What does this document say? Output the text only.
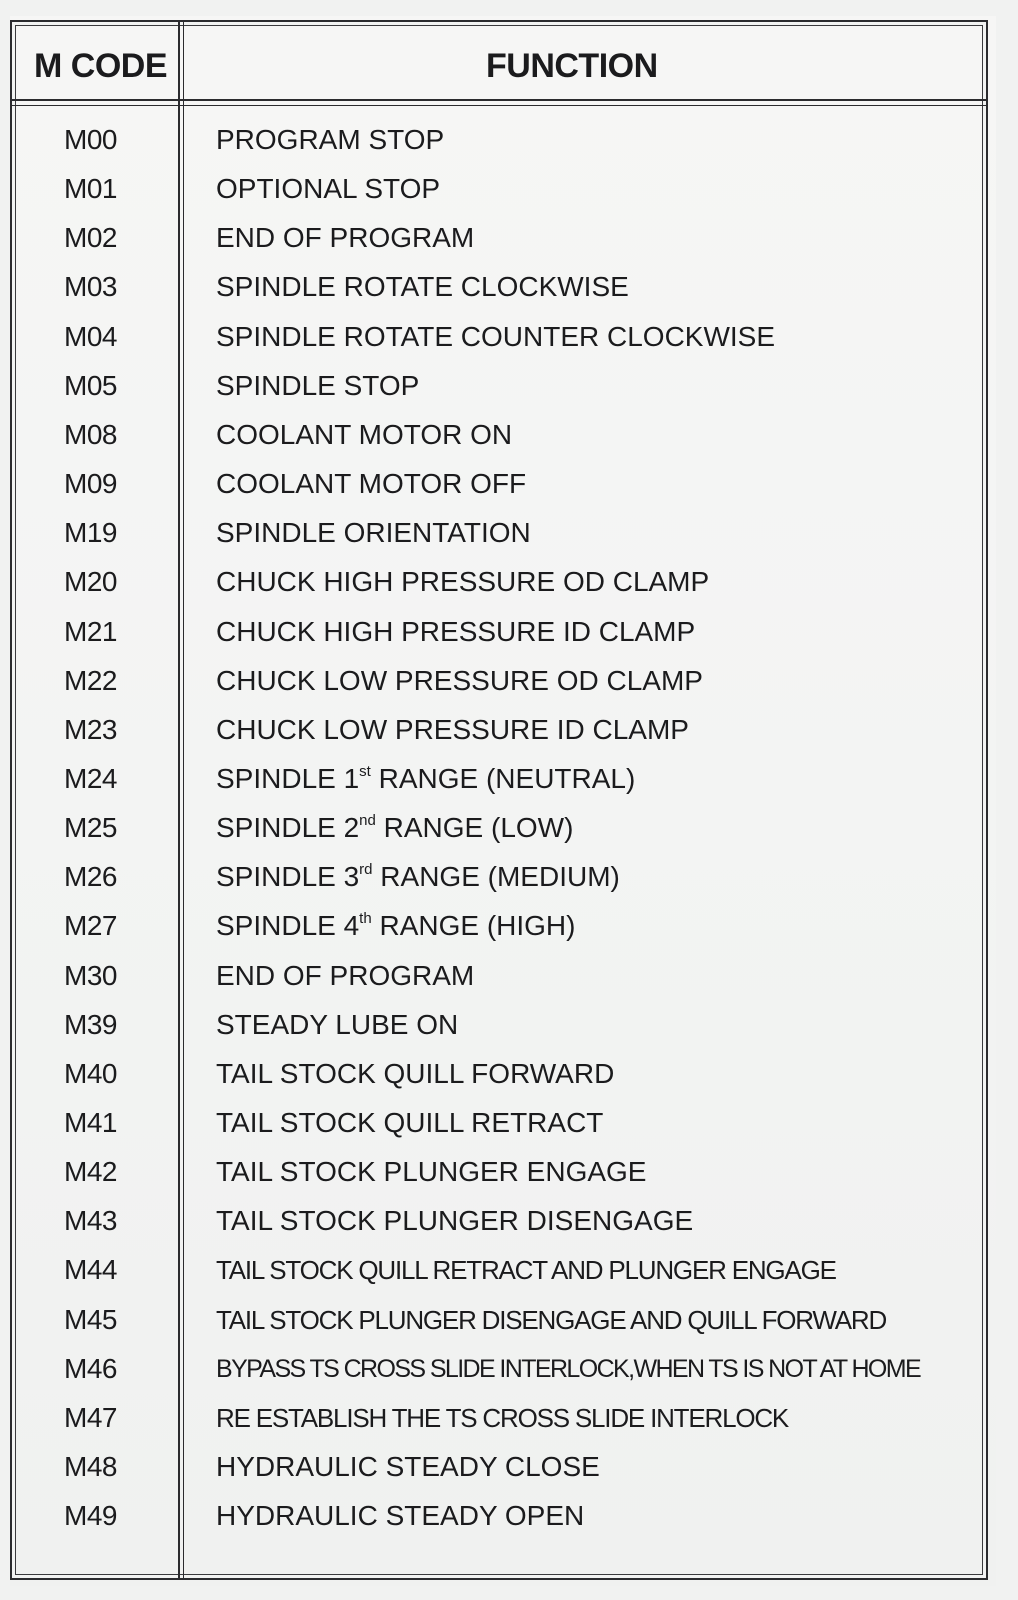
M CODE	FUNCTION
M00	PROGRAM STOP
M01	OPTIONAL STOP
M02	END OF PROGRAM
M03	SPINDLE ROTATE CLOCKWISE
M04	SPINDLE ROTATE COUNTER CLOCKWISE
M05	SPINDLE STOP
M08	COOLANT MOTOR ON
M09	COOLANT MOTOR OFF
M19	SPINDLE ORIENTATION
M20	CHUCK HIGH PRESSURE OD CLAMP
M21	CHUCK HIGH PRESSURE ID CLAMP
M22	CHUCK LOW PRESSURE OD CLAMP
M23	CHUCK LOW PRESSURE ID CLAMP
M24	SPINDLE 1st RANGE (NEUTRAL)
M25	SPINDLE 2nd RANGE (LOW)
M26	SPINDLE 3rd RANGE (MEDIUM)
M27	SPINDLE 4th RANGE (HIGH)
M30	END OF PROGRAM
M39	STEADY LUBE ON
M40	TAIL STOCK QUILL FORWARD
M41	TAIL STOCK QUILL RETRACT
M42	TAIL STOCK PLUNGER ENGAGE
M43	TAIL STOCK PLUNGER DISENGAGE
M44	TAIL STOCK QUILL RETRACT AND PLUNGER ENGAGE
M45	TAIL STOCK PLUNGER DISENGAGE AND QUILL FORWARD
M46	BYPASS TS CROSS SLIDE INTERLOCK,WHEN TS IS NOT AT HOME
M47	RE ESTABLISH THE TS CROSS SLIDE INTERLOCK
M48	HYDRAULIC STEADY CLOSE
M49	HYDRAULIC STEADY OPEN
